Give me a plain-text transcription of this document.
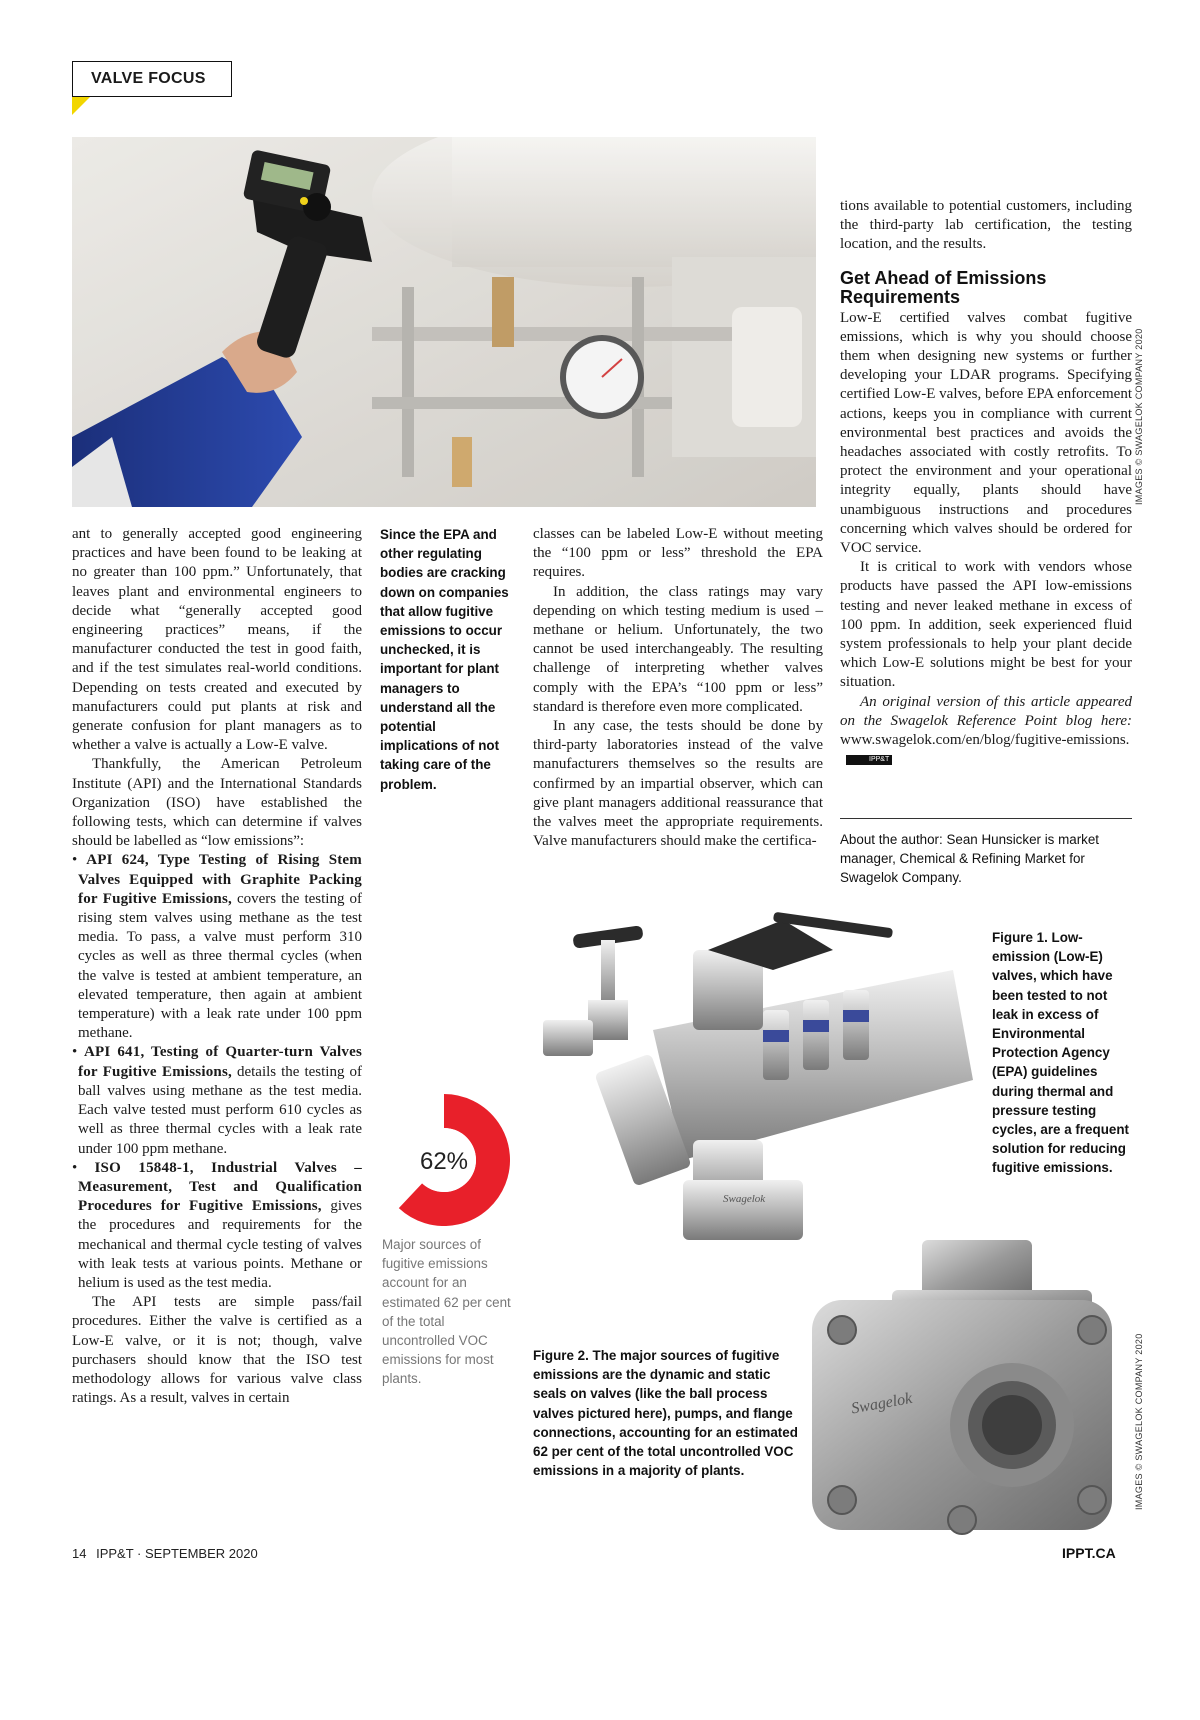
VALVE FOCUS

ant to generally accepted good engineering practices and have been found to be leaking at no greater than 100 ppm.” Unfortunately, that leaves plant and environmental engineers to decide what “generally accepted good engineering practices” means, if the manufacturer conducted the test in good faith, and if the test simulates real-world conditions. Depending on tests created and executed by manufacturers could put plants at risk and generate confusion for plant managers as to whether a valve is actually a Low-E valve.

Thankfully, the American Petroleum Institute (API) and the International Standards Organization (ISO) have established the following tests, which can determine if valves should be labelled as “low emissions”:

• API 624, Type Testing of Rising Stem Valves Equipped with Graphite Packing for Fugitive Emissions, covers the testing of rising stem valves using methane as the test media. To pass, a valve must perform 310 cycles as well as three thermal cycles (when the valve is tested at ambient temperature, an elevated temperature, then again at ambient temperature) with a leak rate under 100 ppm methane.

• API 641, Testing of Quarter-turn Valves for Fugitive Emissions, details the testing of ball valves using methane as the test media. Each valve tested must perform 610 cycles as well as three thermal cycles with a leak rate under 100 ppm methane.

• ISO 15848-1, Industrial Valves – Measurement, Test and Qualification Procedures for Fugitive Emissions, gives the procedures and requirements for the mechanical and thermal cycle testing of valves with leak tests at various points. Methane or helium is used as the test media.

The API tests are simple pass/fail procedures. Either the valve is certified as a Low-E valve, or it is not; though, valve purchasers should know that the ISO test methodology allows for various valve class ratings. As a result, valves in certain

Since the EPA and other regulating bodies are cracking down on companies that allow fugitive emissions to occur unchecked, it is important for plant managers to understand all the potential implications of not taking care of the problem.

classes can be labeled Low-E without meeting the “100 ppm or less” threshold the EPA requires.

In addition, the class ratings may vary depending on which testing medium is used – methane or helium. Unfortunately, the two cannot be used interchangeably. The resulting challenge of interpreting whether valves comply with the EPA’s “100 ppm or less” standard is therefore even more complicated.

In any case, the tests should be done by third-party laboratories instead of the valve manufacturers themselves so the results are confirmed by an impartial observer, which can give plant managers additional reassurance that the valves meet the appropriate requirements. Valve manufacturers should make the certifica-

tions available to potential customers, including the third-party lab certification, the testing location, and the results.

Get Ahead of Emissions Requirements

Low-E certified valves combat fugitive emissions, which is why you should choose them when designing new systems or further developing your LDAR programs. Specifying certified Low-E valves, before EPA enforcement actions, keeps you in compliance with current environmental best practices and avoids the headaches associated with costly retrofits. To protect the environment and your operational integrity equally, plants should have unambiguous instructions and procedures concerning which valves should be ordered for VOC service.

It is critical to work with vendors whose products have passed the API low-emissions testing and never leaked methane in excess of 100 ppm. In addition, seek experienced fluid system professionals to help your plant decide which Low-E solutions might be best for your situation.

An original version of this article appeared on the Swagelok Reference Point blog here: www.swagelok.com/en/blog/fugitive-emissions.IPP&T

About the author: Sean Hunsicker is market manager, Chemical & Refining Market for Swagelok Company.
IMAGES © SWAGELOK COMPANY 2020
IMAGES © SWAGELOK COMPANY 2020
62%
Major sources of fugitive emissions account for an estimated 62 per cent of the total uncontrolled VOC emissions for most plants.
Swagelok
Figure 1. Low-emission (Low-E) valves, which have been tested to not leak in excess of Environmental Protection Agency (EPA) guidelines during thermal and pressure testing cycles, are a frequent solution for reducing fugitive emissions.
Swagelok
Figure 2. The major sources of fugitive emissions are the dynamic and static seals on valves (like the ball process valves pictured here), pumps, and flange connections, accounting for an estimated 62 per cent of the total uncontrolled VOC emissions in a majority of plants.
14 IPP&T · SEPTEMBER 2020	IPPT.CA
